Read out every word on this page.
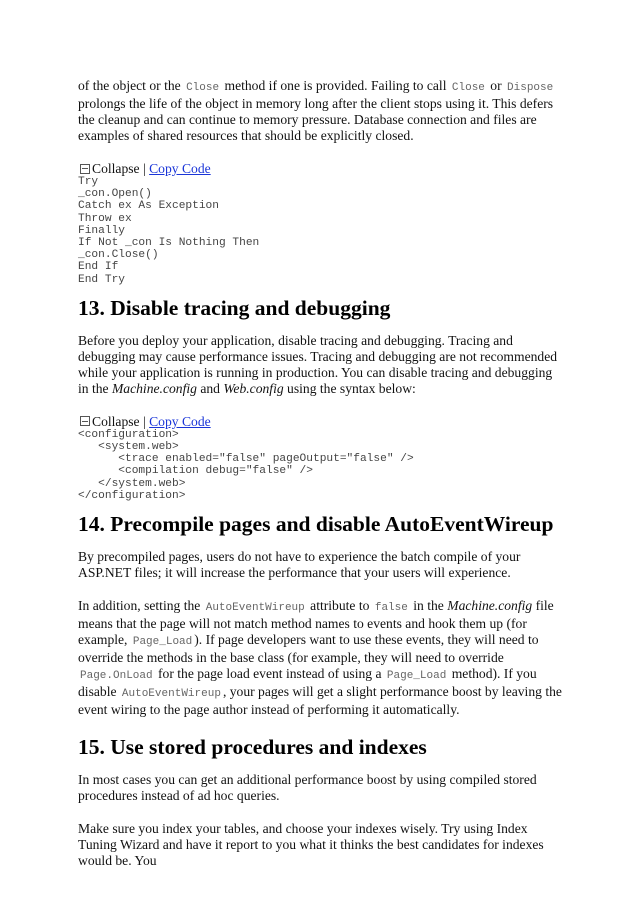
of the object or the Close method if one is provided. Failing to call Close or Dispose prolongs the life of the object in memory long after the client stops using it. This defers the cleanup and can continue to memory pressure. Database connection and files are examples of shared resources that should be explicitly closed.

Collapse | Copy Code
Try
_con.Open()
Catch ex As Exception
Throw ex
Finally
If Not _con Is Nothing Then
_con.Close()
End If
End Try
13. Disable tracing and debugging

Before you deploy your application, disable tracing and debugging. Tracing and debugging may cause performance issues. Tracing and debugging are not recommended while your application is running in production. You can disable tracing and debugging in the Machine.config and Web.config using the syntax below:

Collapse | Copy Code
<configuration>
<system.web>
<trace enabled="false" pageOutput="false" />
<compilation debug="false" />
</system.web>
</configuration>
14. Precompile pages and disable AutoEventWireup

By precompiled pages, users do not have to experience the batch compile of your ASP.NET files; it will increase the performance that your users will experience.

In addition, setting the AutoEventWireup attribute to false in the Machine.config file means that the page will not match method names to events and hook them up (for example, Page_Load ). If page developers want to use these events, they will need to override the methods in the base class (for example, they will need to override Page.OnLoad for the page load event instead of using a Page_Load method). If you disable AutoEventWireup , your pages will get a slight performance boost by leaving the event wiring to the page author instead of performing it automatically.

15. Use stored procedures and indexes

In most cases you can get an additional performance boost by using compiled stored procedures instead of ad hoc queries.

Make sure you index your tables, and choose your indexes wisely. Try using Index Tuning Wizard and have it report to you what it thinks the best candidates for indexes would be. You
